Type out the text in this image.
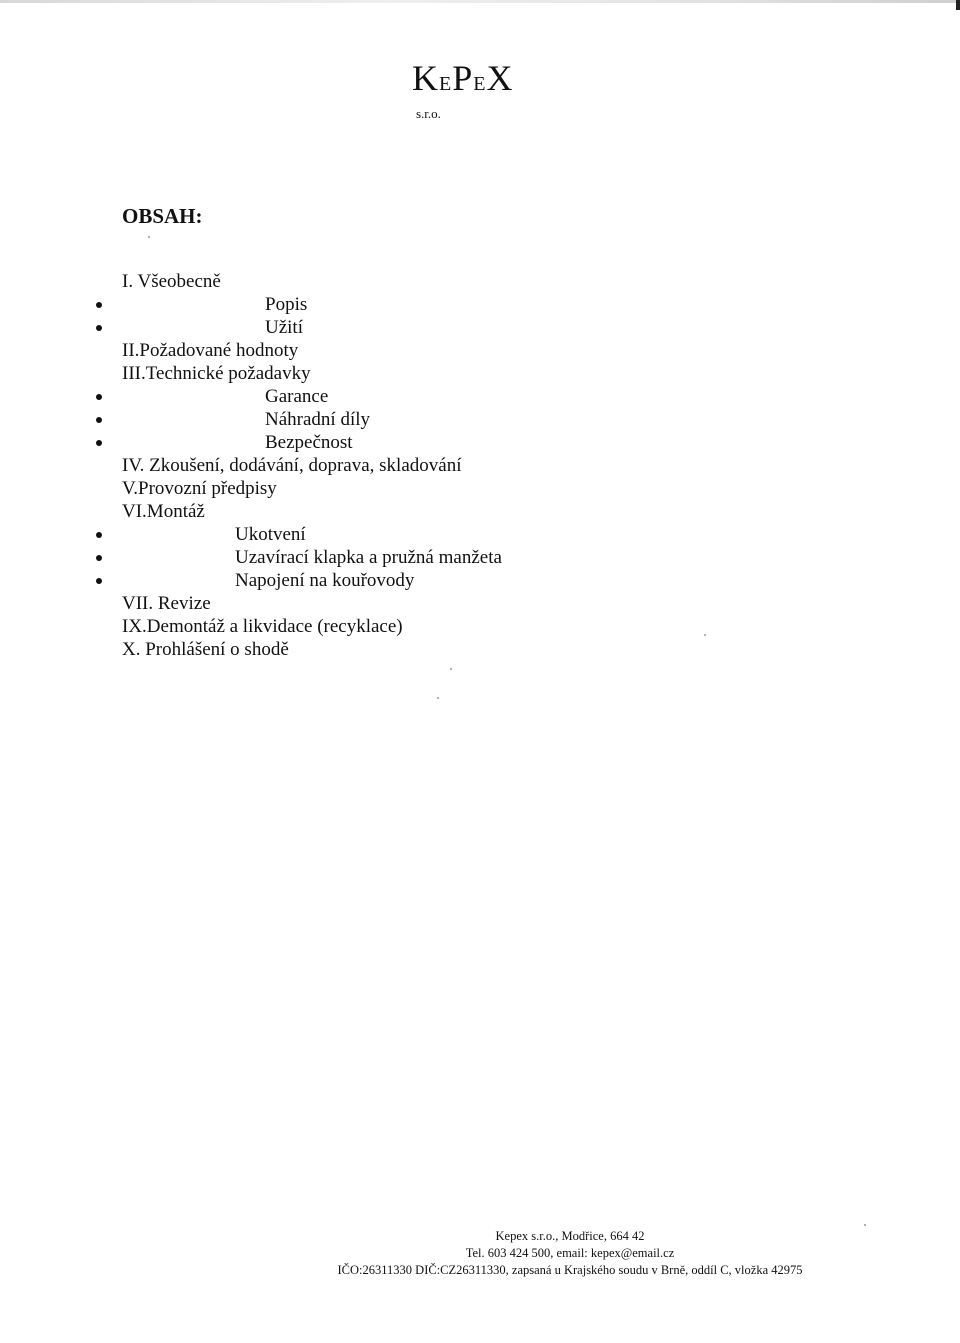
KEPEX
s.r.o.
OBSAH:
I. Všeobecně
Popis
Užití
II.Požadované hodnoty
III.Technické požadavky
Garance
Náhradní díly
Bezpečnost
IV. Zkoušení, dodávání, doprava, skladování
V.Provozní předpisy
VI.Montáž
Ukotvení
Uzavírací klapka a pružná manžeta
Napojení na kouřovody
VII. Revize
IX.Demontáž a likvidace (recyklace)
X. Prohlášení o shodě
Kepex s.r.o., Modřice, 664 42
Tel. 603 424 500, email: kepex@email.cz
IČO:26311330 DIČ:CZ26311330, zapsaná u Krajského soudu v Brně, oddíl C, vložka 42975
